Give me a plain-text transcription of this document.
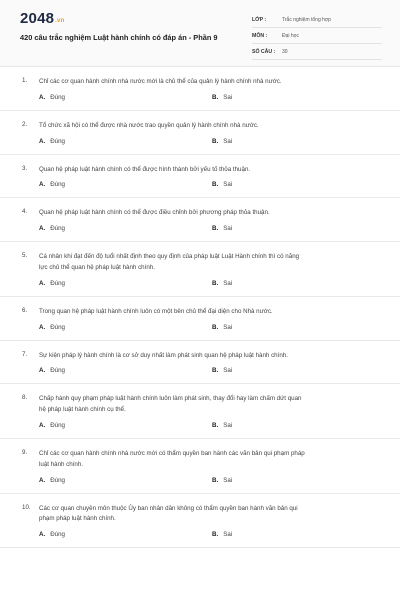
2048.vn
420 câu trắc nghiệm Luật hành chính có đáp án - Phần 9
LỚP :	Trắc nghiệm tổng hợp
MÔN :	Đại học
SỐ CÂU : 30
1. Chỉ các cơ quan hành chính nhà nước mới là chủ thể của quản lý hành chính nhà nước.
A. Đúng	B. Sai
2. Tổ chức xã hội có thể được nhà nước trao quyền quản lý hành chính nhà nước.
A. Đúng	B. Sai
3. Quan hệ pháp luật hành chính có thể được hình thành bởi yếu tố thỏa thuận.
A. Đúng	B. Sai
4. Quan hệ pháp luật hành chính có thể được điều chỉnh bởi phương pháp thỏa thuận.
A. Đúng	B. Sai
5. Cá nhân khi đạt đến độ tuổi nhất định theo quy định của pháp luật Luật Hành chính thì có năng
lực chủ thể quan hệ pháp luật hành chính.
A. Đúng	B. Sai
6. Trong quan hệ pháp luật hành chính luôn có một bên chủ thể đại diện cho Nhà nước.
A. Đúng	B. Sai
7. Sự kiện pháp lý hành chính là cơ sở duy nhất làm phát sinh quan hệ pháp luật hành chính.
A. Đúng	B. Sai
8. Chấp hành quy phạm pháp luật hành chính luôn làm phát sinh, thay đổi hay làm chấm dứt quan
hệ pháp luật hành chính cụ thể.
A. Đúng	B. Sai
9. Chỉ các cơ quan hành chính nhà nước mới có thẩm quyền ban hành các văn bản qui phạm pháp
luật hành chính.
A. Đúng	B. Sai
10. Các cơ quan chuyên môn thuộc Ủy ban nhân dân không có thẩm quyền ban hành văn bản qui
phạm pháp luật hành chính.
A. Đúng	B. Sai
